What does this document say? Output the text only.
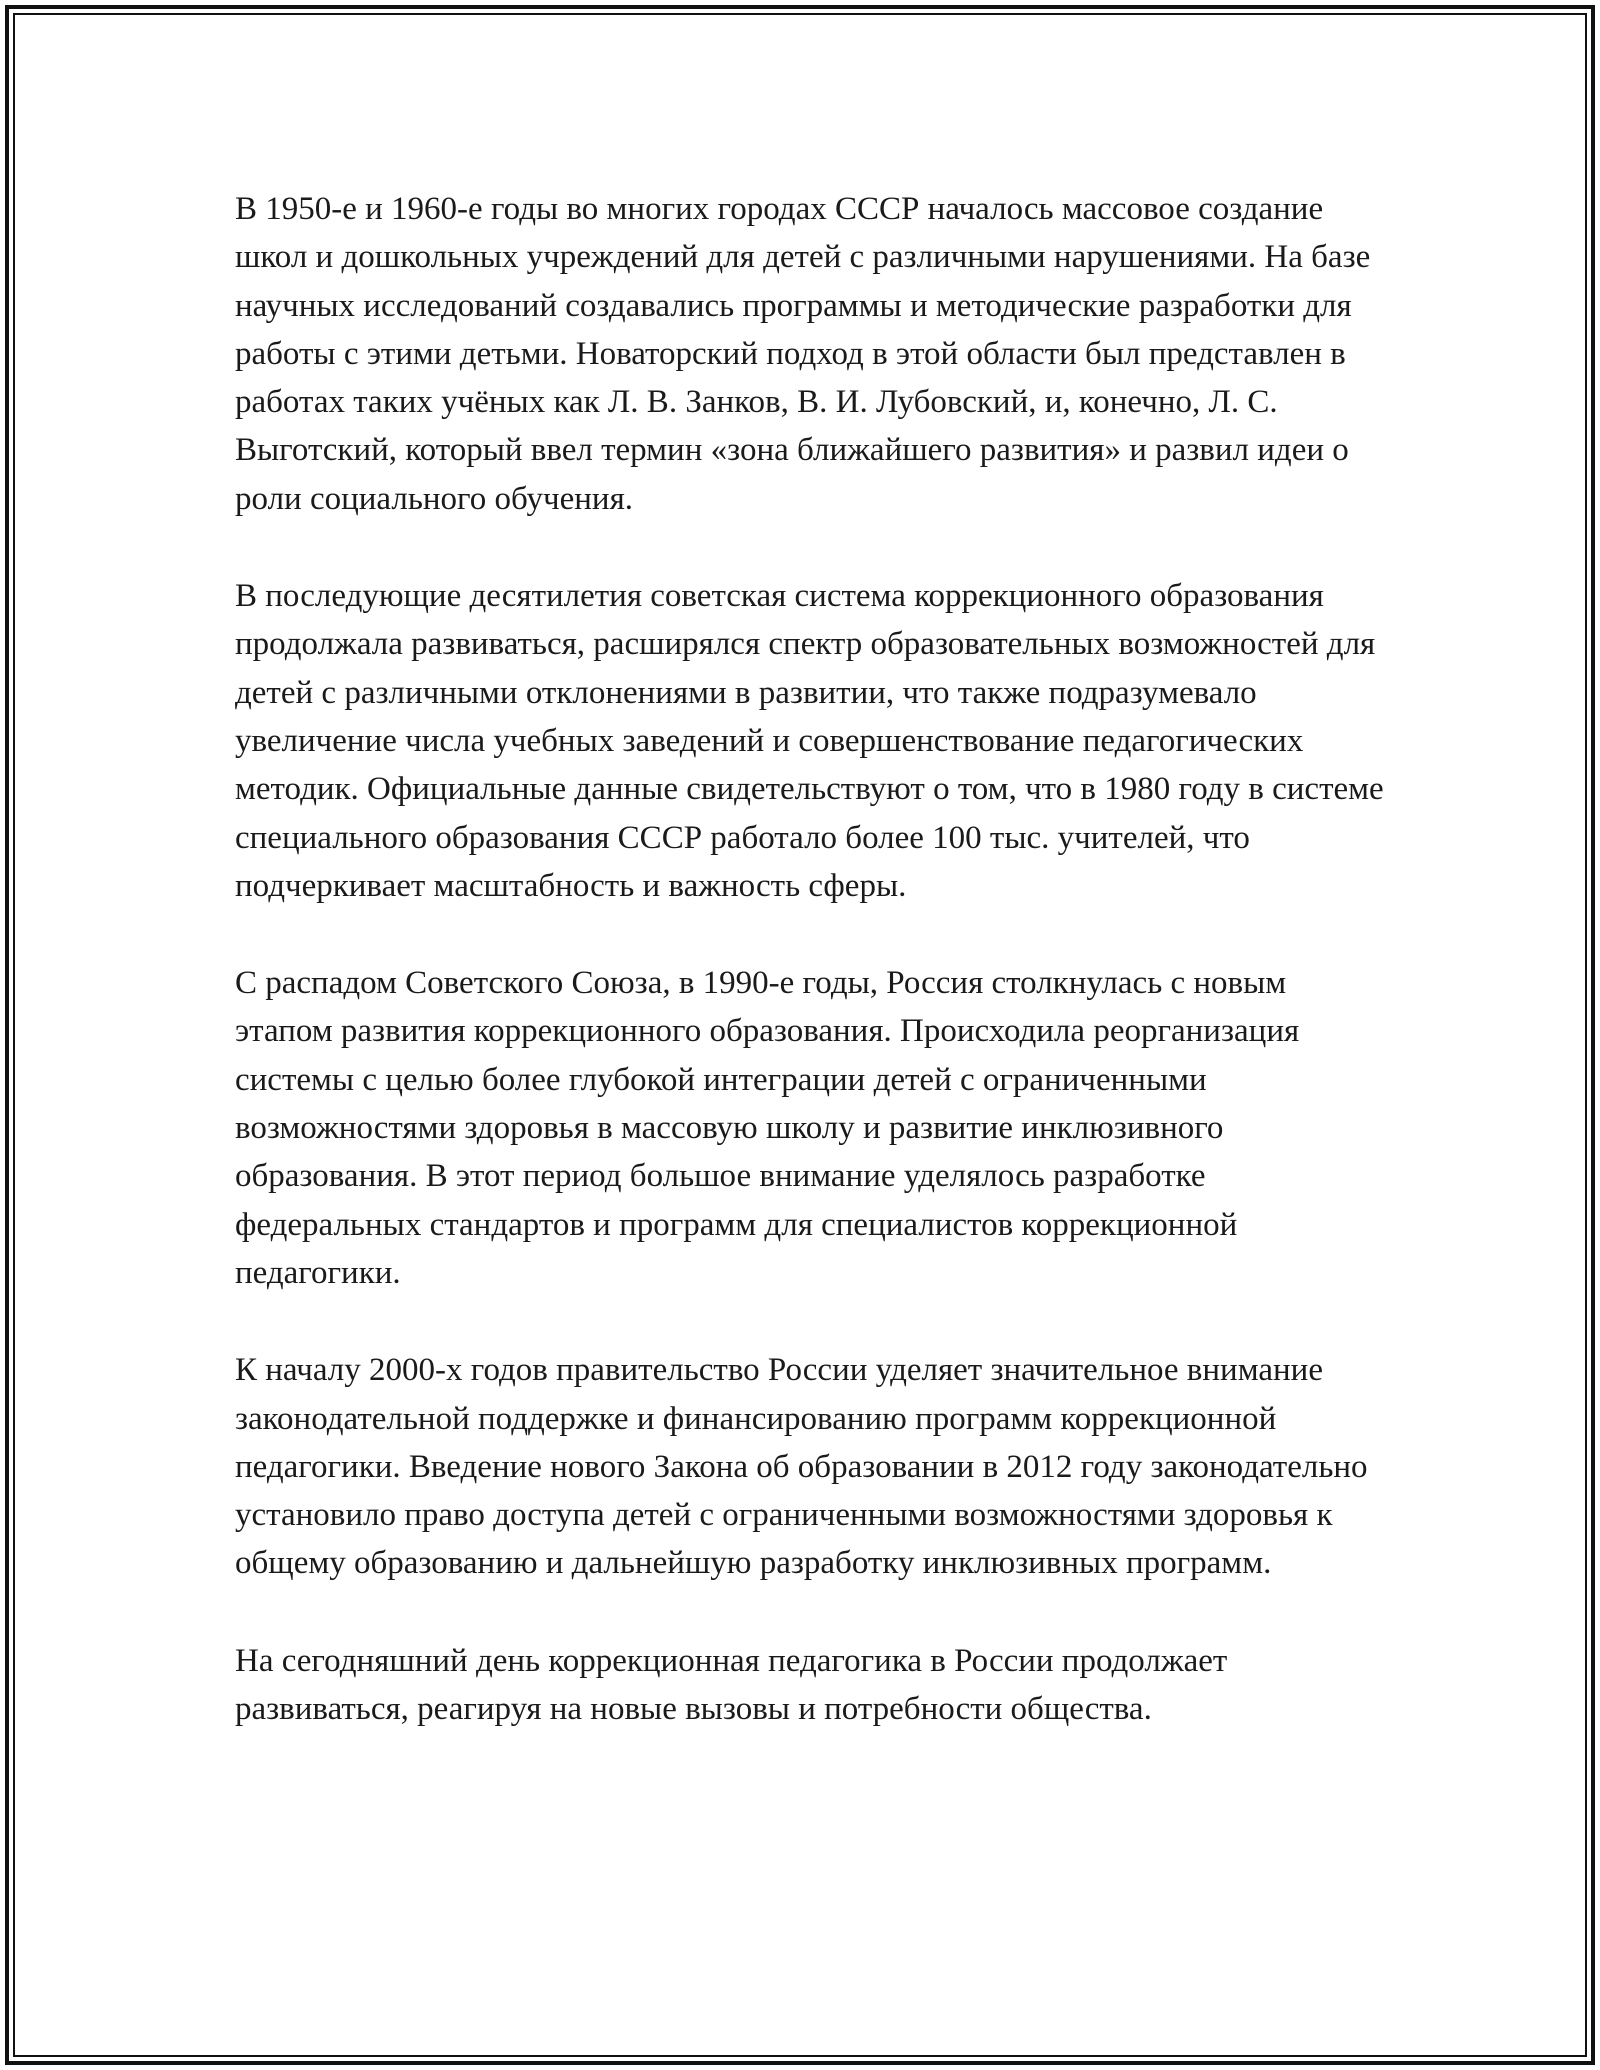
В 1950-е и 1960-е годы во многих городах СССР началось массовое создание школ и дошкольных учреждений для детей с различными нарушениями. На базе научных исследований создавались программы и методические разработки для работы с этими детьми. Новаторский подход в этой области был представлен в работах таких учёных как Л. В. Занков, В. И. Лубовский, и, конечно, Л. С. Выготский, который ввел термин «зона ближайшего развития» и развил идеи о роли социального обучения.

В последующие десятилетия советская система коррекционного образования продолжала развиваться, расширялся спектр образовательных возможностей для детей с различными отклонениями в развитии, что также подразумевало увеличение числа учебных заведений и совершенствование педагогических методик. Официальные данные свидетельствуют о том, что в 1980 году в системе специального образования СССР работало более 100 тыс. учителей, что подчеркивает масштабность и важность сферы.

С распадом Советского Союза, в 1990-е годы, Россия столкнулась с новым этапом развития коррекционного образования. Происходила реорганизация системы с целью более глубокой интеграции детей с ограниченными возможностями здоровья в массовую школу и развитие инклюзивного образования. В этот период большое внимание уделялось разработке федеральных стандартов и программ для специалистов коррекционной педагогики.

К началу 2000-х годов правительство России уделяет значительное внимание законодательной поддержке и финансированию программ коррекционной педагогики. Введение нового Закона об образовании в 2012 году законодательно установило право доступа детей с ограниченными возможностями здоровья к общему образованию и дальнейшую разработку инклюзивных программ.

На сегодняшний день коррекционная педагогика в России продолжает развиваться, реагируя на новые вызовы и потребности общества.
